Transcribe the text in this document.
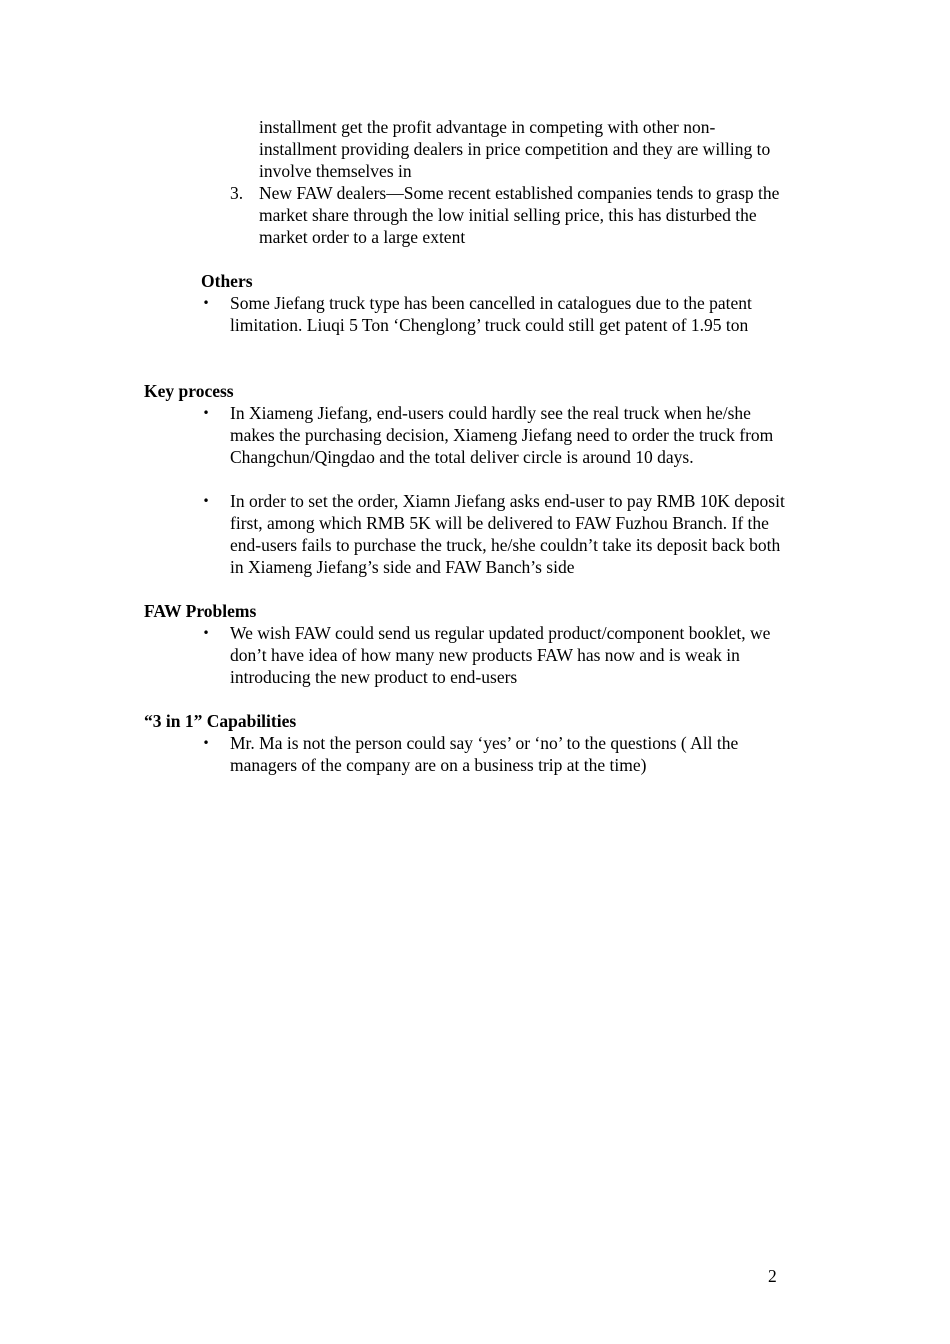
installment get the profit advantage in competing with other non-installment providing dealers in price competition and they are willing to involve themselves in

3. New FAW dealers—Some recent established companies tends to grasp the market share through the low initial selling price, this has disturbed the market order to a large extent
Others
• Some Jiefang truck type has been cancelled in catalogues due to the patent limitation. Liuqi 5 Ton ‘Chenglong’ truck could still get patent of 1.95 ton
Key process
• In Xiameng Jiefang, end-users could hardly see the real truck when he/she makes the purchasing decision, Xiameng Jiefang need to order the truck from Changchun/Qingdao and the total deliver circle is around 10 days.
• In order to set the order, Xiamn Jiefang asks end-user to pay RMB 10K deposit first, among which RMB 5K will be delivered to FAW Fuzhou Branch. If the end-users fails to purchase the truck, he/she couldn’t take its deposit back both in Xiameng Jiefang’s side and FAW Banch’s side
FAW Problems
• We wish FAW could send us regular updated product/component booklet, we don’t have idea of how many new products FAW has now and is weak in introducing the new product to end-users
“3 in 1” Capabilities
• Mr. Ma is not the person could say ‘yes’ or ‘no’ to the questions ( All the managers of the company are on a business trip at the time)
2
